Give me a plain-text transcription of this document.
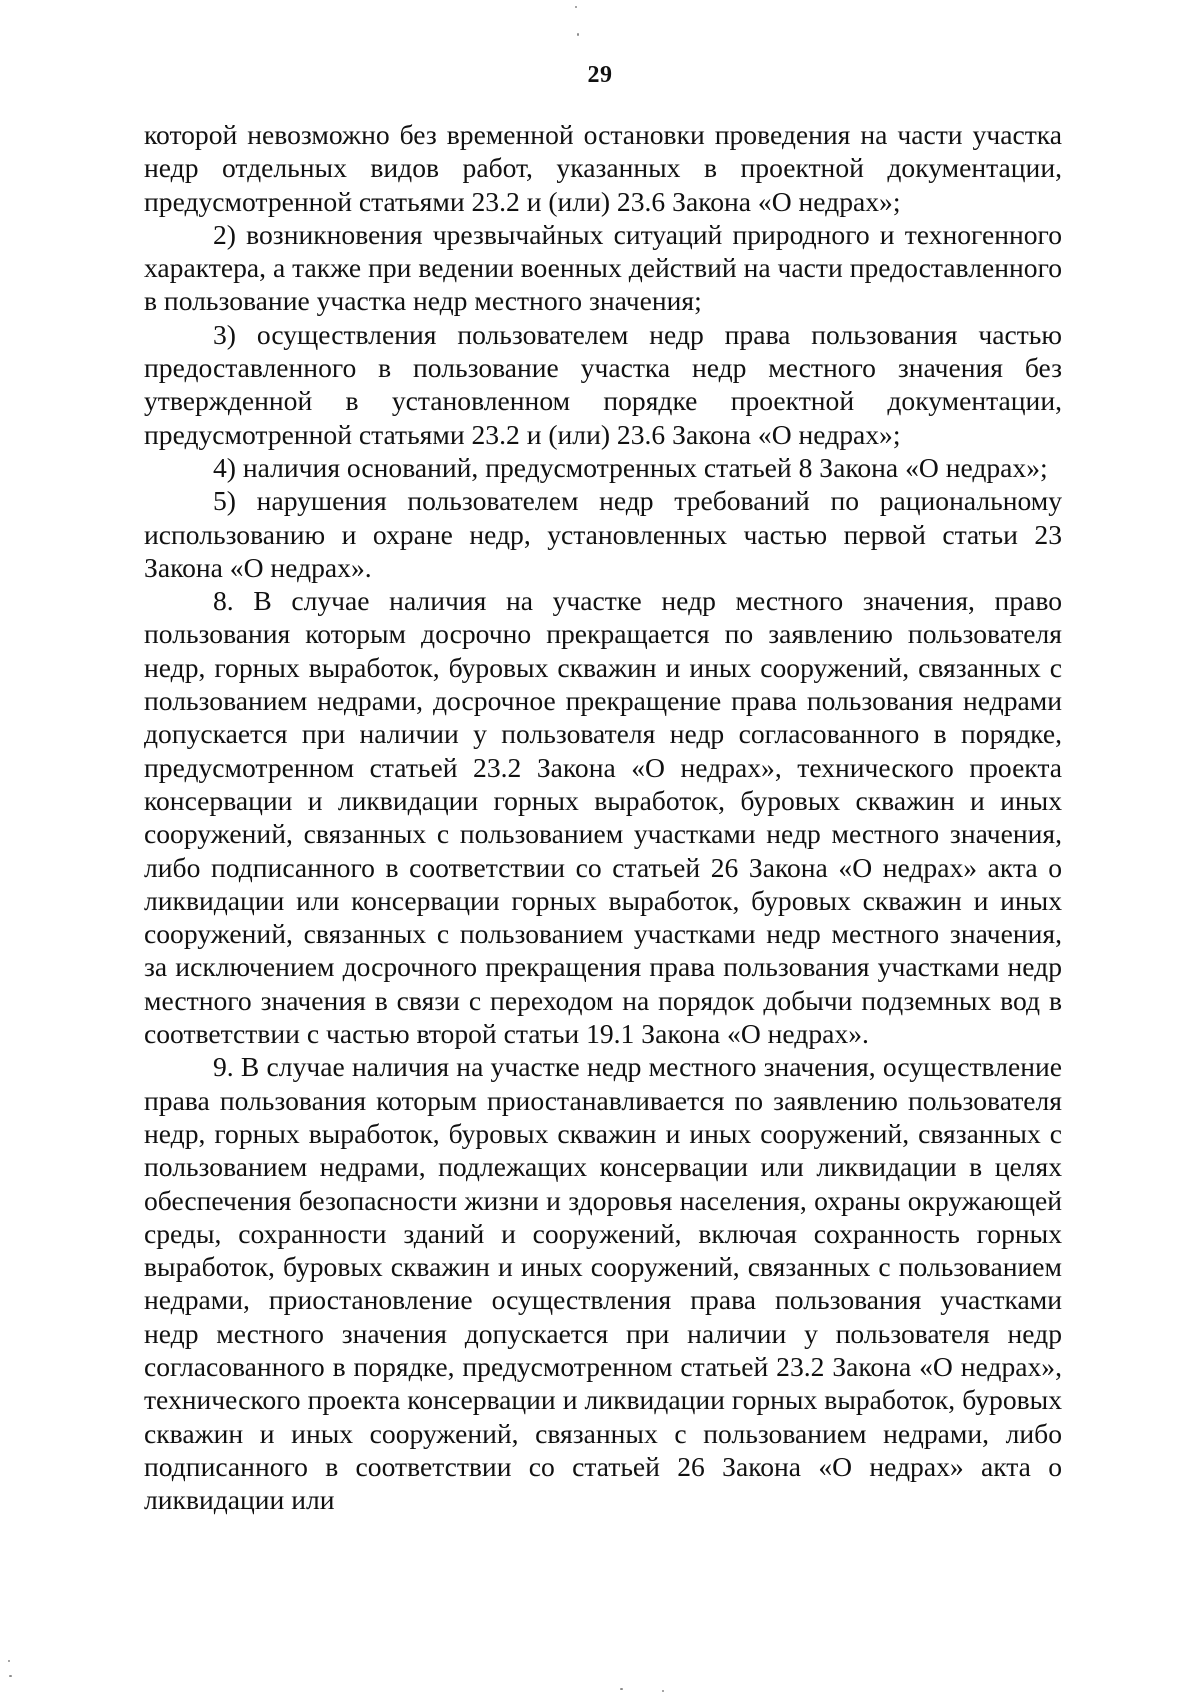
29

которой невозможно без временной остановки проведения на части участка недр отдельных видов работ, указанных в проектной документации, предусмотренной статьями 23.2 и (или) 23.6 Закона «О недрах»;

2) возникновения чрезвычайных ситуаций природного и техногенного характера, а также при ведении военных действий на части предоставленного в пользование участка недр местного значения;

3) осуществления пользователем недр права пользования частью предоставленного в пользование участка недр местного значения без утвержденной в установленном порядке проектной документации, предусмотренной статьями 23.2 и (или) 23.6 Закона «О недрах»;

4) наличия оснований, предусмотренных статьей 8 Закона «О недрах»;

5) нарушения пользователем недр требований по рациональному использованию и охране недр, установленных частью первой статьи 23 Закона «О недрах».

8. В случае наличия на участке недр местного значения, право пользования которым досрочно прекращается по заявлению пользователя недр, горных выработок, буровых скважин и иных сооружений, связанных с пользованием недрами, досрочное прекращение права пользования недрами допускается при наличии у пользователя недр согласованного в порядке, предусмотренном статьей 23.2 Закона «О недрах», технического проекта консервации и ликвидации горных выработок, буровых скважин и иных сооружений, связанных с пользованием участками недр местного значения, либо подписанного в соответствии со статьей 26 Закона «О недрах» акта о ликвидации или консервации горных выработок, буровых скважин и иных сооружений, связанных с пользованием участками недр местного значения, за исключением досрочного прекращения права пользования участками недр местного значения в связи с переходом на порядок добычи подземных вод в соответствии с частью второй статьи 19.1 Закона «О недрах».

9. В случае наличия на участке недр местного значения, осуществление права пользования которым приостанавливается по заявлению пользователя недр, горных выработок, буровых скважин и иных сооружений, связанных с пользованием недрами, подлежащих консервации или ликвидации в целях обеспечения безопасности жизни и здоровья населения, охраны окружающей среды, сохранности зданий и сооружений, включая сохранность горных выработок, буровых скважин и иных сооружений, связанных с пользованием недрами, приостановление осуществления права пользования участками недр местного значения допускается при наличии у пользователя недр согласованного в порядке, предусмотренном статьей 23.2 Закона «О недрах», технического проекта консервации и ликвидации горных выработок, буровых скважин и иных сооружений, связанных с пользованием недрами, либо подписанного в соответствии со статьей 26 Закона «О недрах» акта о ликвидации или
